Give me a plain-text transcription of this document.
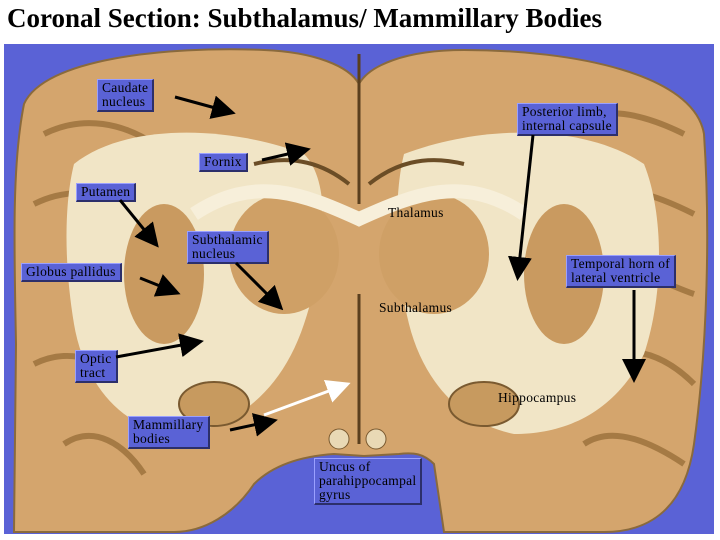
Coronal Section: Subthalamus/ Mammillary Bodies
Caudate
nucleus
Posterior limb,
internal capsule
Fornix
Putamen
Thalamus
Subthalamic
nucleus
Globus pallidus
Temporal horn of
lateral ventricle
Subthalamus
Optic
tract
Hippocampus
Mammillary
bodies
Uncus of
parahippocampal
gyrus
